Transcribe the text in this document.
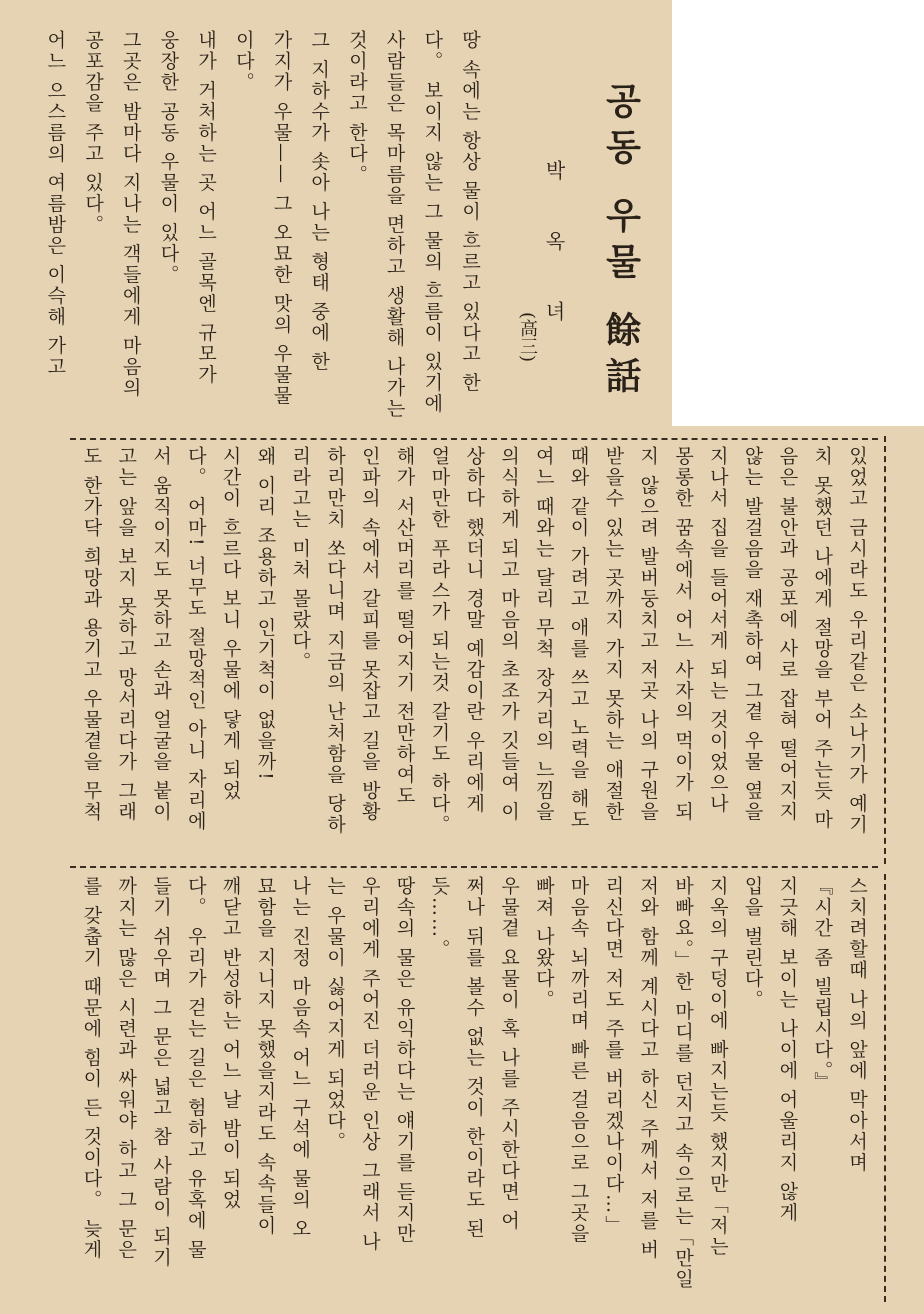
공동 우물 餘話
박 옥 녀
(高三)
땅 속에는 항상 물이 흐르고 있다고 한
다。 보이지 않는 그 물의 흐름이 있기에
사람들은 목마름을 면하고 생활해 나가는
것이라고 한다。
그 지하수가 솟아 나는 형태 중에 한
가지가 우물—— 그 오묘한 맛의 우물물
이다。
내가 거처하는 곳 어느 골목엔 규모가
웅장한 공동 우물이 있다。
그곳은 밤마다 지나는 객들에게 마음의
공포감을 주고 있다。
어느 으스름의 여름밤은 이슥해 가고
있었고 금시라도 우리같은 소나기가 예기
치 못했던 나에게 절망을 부어 주는듯 마
음은 불안과 공포에 사로 잡혀 떨어지지
않는 발걸음을 재촉하여 그곁 우물 옆을
지나서 집을 들어서게 되는 것이었으나
몽롱한 꿈속에서 어느 사자의 먹이가 되
지 않으려 발버둥치고 저곳 나의 구원을
받을수 있는 곳까지 가지 못하는 애절한
때와 같이 가려고 애를 쓰고 노력을 해도
여느 때와는 달리 무척 장거리의 느낌을
의식하게 되고 마음의 초조가 깃들여 이
상하다 했더니 경말 예감이란 우리에게
얼마만한 푸라스가 되는것 갈기도 하다。
해가 서산머리를 떨어지기 전만하여도
인파의 속에서 갈피를 못잡고 길을 방황
하리만치 쏘다니며 지금의 난처함을 당하
리라고는 미처 몰랐다。
왜 이리 조용하고 인기척이 없을까!
시간이 흐르다 보니 우물에 닿게 되었
다。 어마! 너무도 절망적인 아니 자리에
서 움직이지도 못하고 손과 얼굴을 붙이
고는 앞을 보지 못하고 망서리다가 그래
도 한가닥 희망과 용기고 우물곁을 무척
스치려할때 나의 앞에 막아서며
『시간 좀 빌립시다。』
지긋해 보이는 나이에 어울리지 않게
입을 벌린다。
지옥의 구덩이에 빠지는듯 했지만「저는
바빠요。」한 마디를 던지고 속으로는「만일
저와 함께 계시다고 하신 주께서 저를 버
리신다면 저도 주를 버리겠나이다…」
마음속 뇌까리며 빠른 걸음으로 그곳을
빠져 나왔다。
우물곁 요물이 혹 나를 주시한다면 어
쩌나 뒤를 볼수 없는 것이 한이라도 된
듯……。
땅속의 물은 유익하다는 얘기를 듣지만
우리에게 주어진 더러운 인상 그래서 나
는 우물이 싫어지게 되었다。
나는 진정 마음속 어느 구석에 물의 오
묘함을 지니지 못했을지라도 속속들이
깨닫고 반성하는 어느 날 밤이 되었
다。 우리가 걷는 길은 험하고 유혹에 물
들기 쉬우며 그 문은 넓고 참 사람이 되기
까지는 많은 시련과 싸워야 하고 그 문은
를 갖춥기 때문에 힘이 든 것이다。 늦게
